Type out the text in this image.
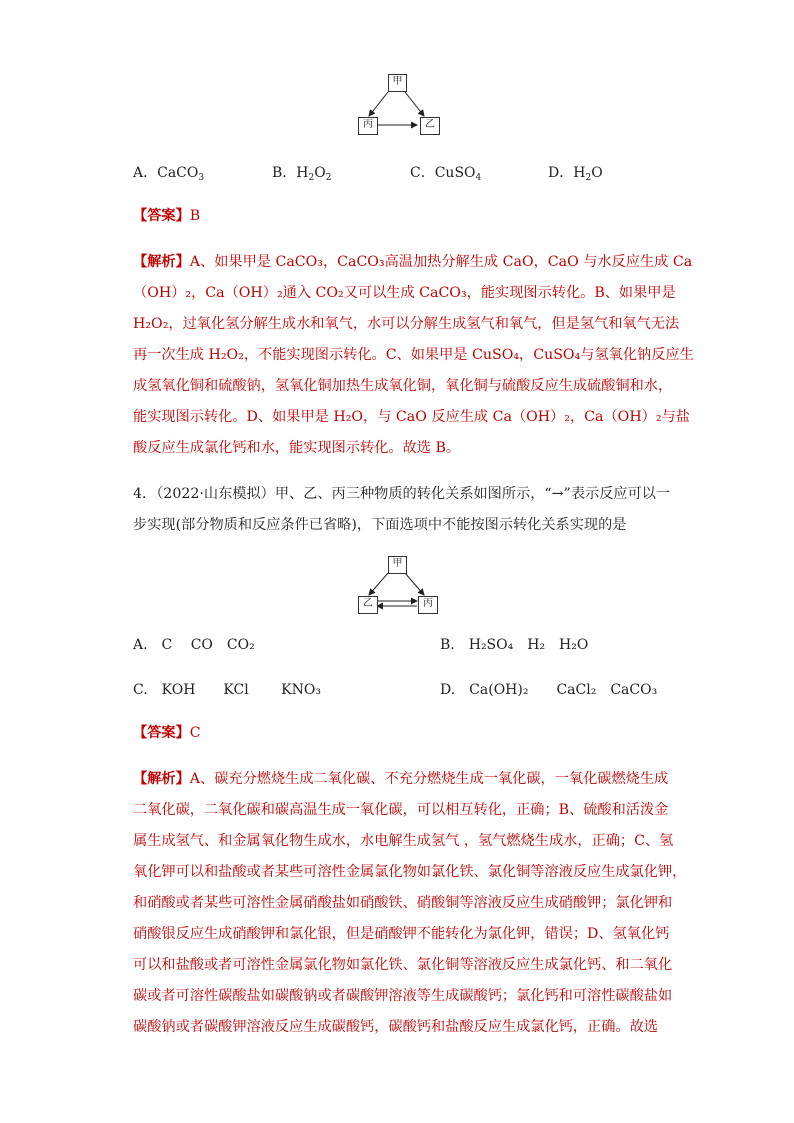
甲
丙	乙
A．CaCO$_3$	B．$H_2O_2$	C．CuSO$_4$	D．$H_2O$
【答案】B
【解析】A、如果甲是 CaCO₃，CaCO₃高温加热分解生成 CaO，CaO 与水反应生成 Ca
（OH）₂，Ca（OH）₂通入 CO₂又可以生成 CaCO₃，能实现图示转化。B、如果甲是
H₂O₂，过氧化氢分解生成水和氧气，水可以分解生成氢气和氧气，但是氢气和氧气无法
再一次生成 H₂O₂，不能实现图示转化。C、如果甲是 CuSO₄，CuSO₄与氢氧化钠反应生
成氢氧化铜和硫酸钠，氢氧化铜加热生成氧化铜，氧化铜与硫酸反应生成硫酸铜和水，
能实现图示转化。D、如果甲是 H₂O，与 CaO 反应生成 Ca（OH）₂，Ca（OH）₂与盐
酸反应生成氯化钙和水，能实现图示转化。故选 B。
4．（2022·山东模拟）甲、乙、丙三种物质的转化关系如图所示，“→”表示反应可以一
步实现(部分物质和反应条件已省略)，下面选项中不能按图示转化关系实现的是
甲
乙	丙
A.　C　 CO　CO₂	B.　H₂SO₄　H₂　H₂O
C.　KOH　　KCl　　 KNO₃	D.　Ca(OH)₂　　CaCl₂　CaCO₃
【答案】C
【解析】A、碳充分燃烧生成二氧化碳、不充分燃烧生成一氧化碳，一氧化碳燃烧生成
二氧化碳，二氧化碳和碳高温生成一氧化碳，可以相互转化，正确；B、硫酸和活泼金
属生成氢气、和金属氧化物生成水，水电解生成氢气 ，氢气燃烧生成水，正确；C、氢
氧化钾可以和盐酸或者某些可溶性金属氯化物如氯化铁、氯化铜等溶液反应生成氯化钾，
和硝酸或者某些可溶性金属硝酸盐如硝酸铁、硝酸铜等溶液反应生成硝酸钾；氯化钾和
硝酸银反应生成硝酸钾和氯化银，但是硝酸钾不能转化为氯化钾，错误；D、氢氧化钙
可以和盐酸或者可溶性金属氯化物如氯化铁、氯化铜等溶液反应生成氯化钙、和二氧化
碳或者可溶性碳酸盐如碳酸钠或者碳酸钾溶液等生成碳酸钙；氯化钙和可溶性碳酸盐如
碳酸钠或者碳酸钾溶液反应生成碳酸钙，碳酸钙和盐酸反应生成氯化钙，正确。故选
